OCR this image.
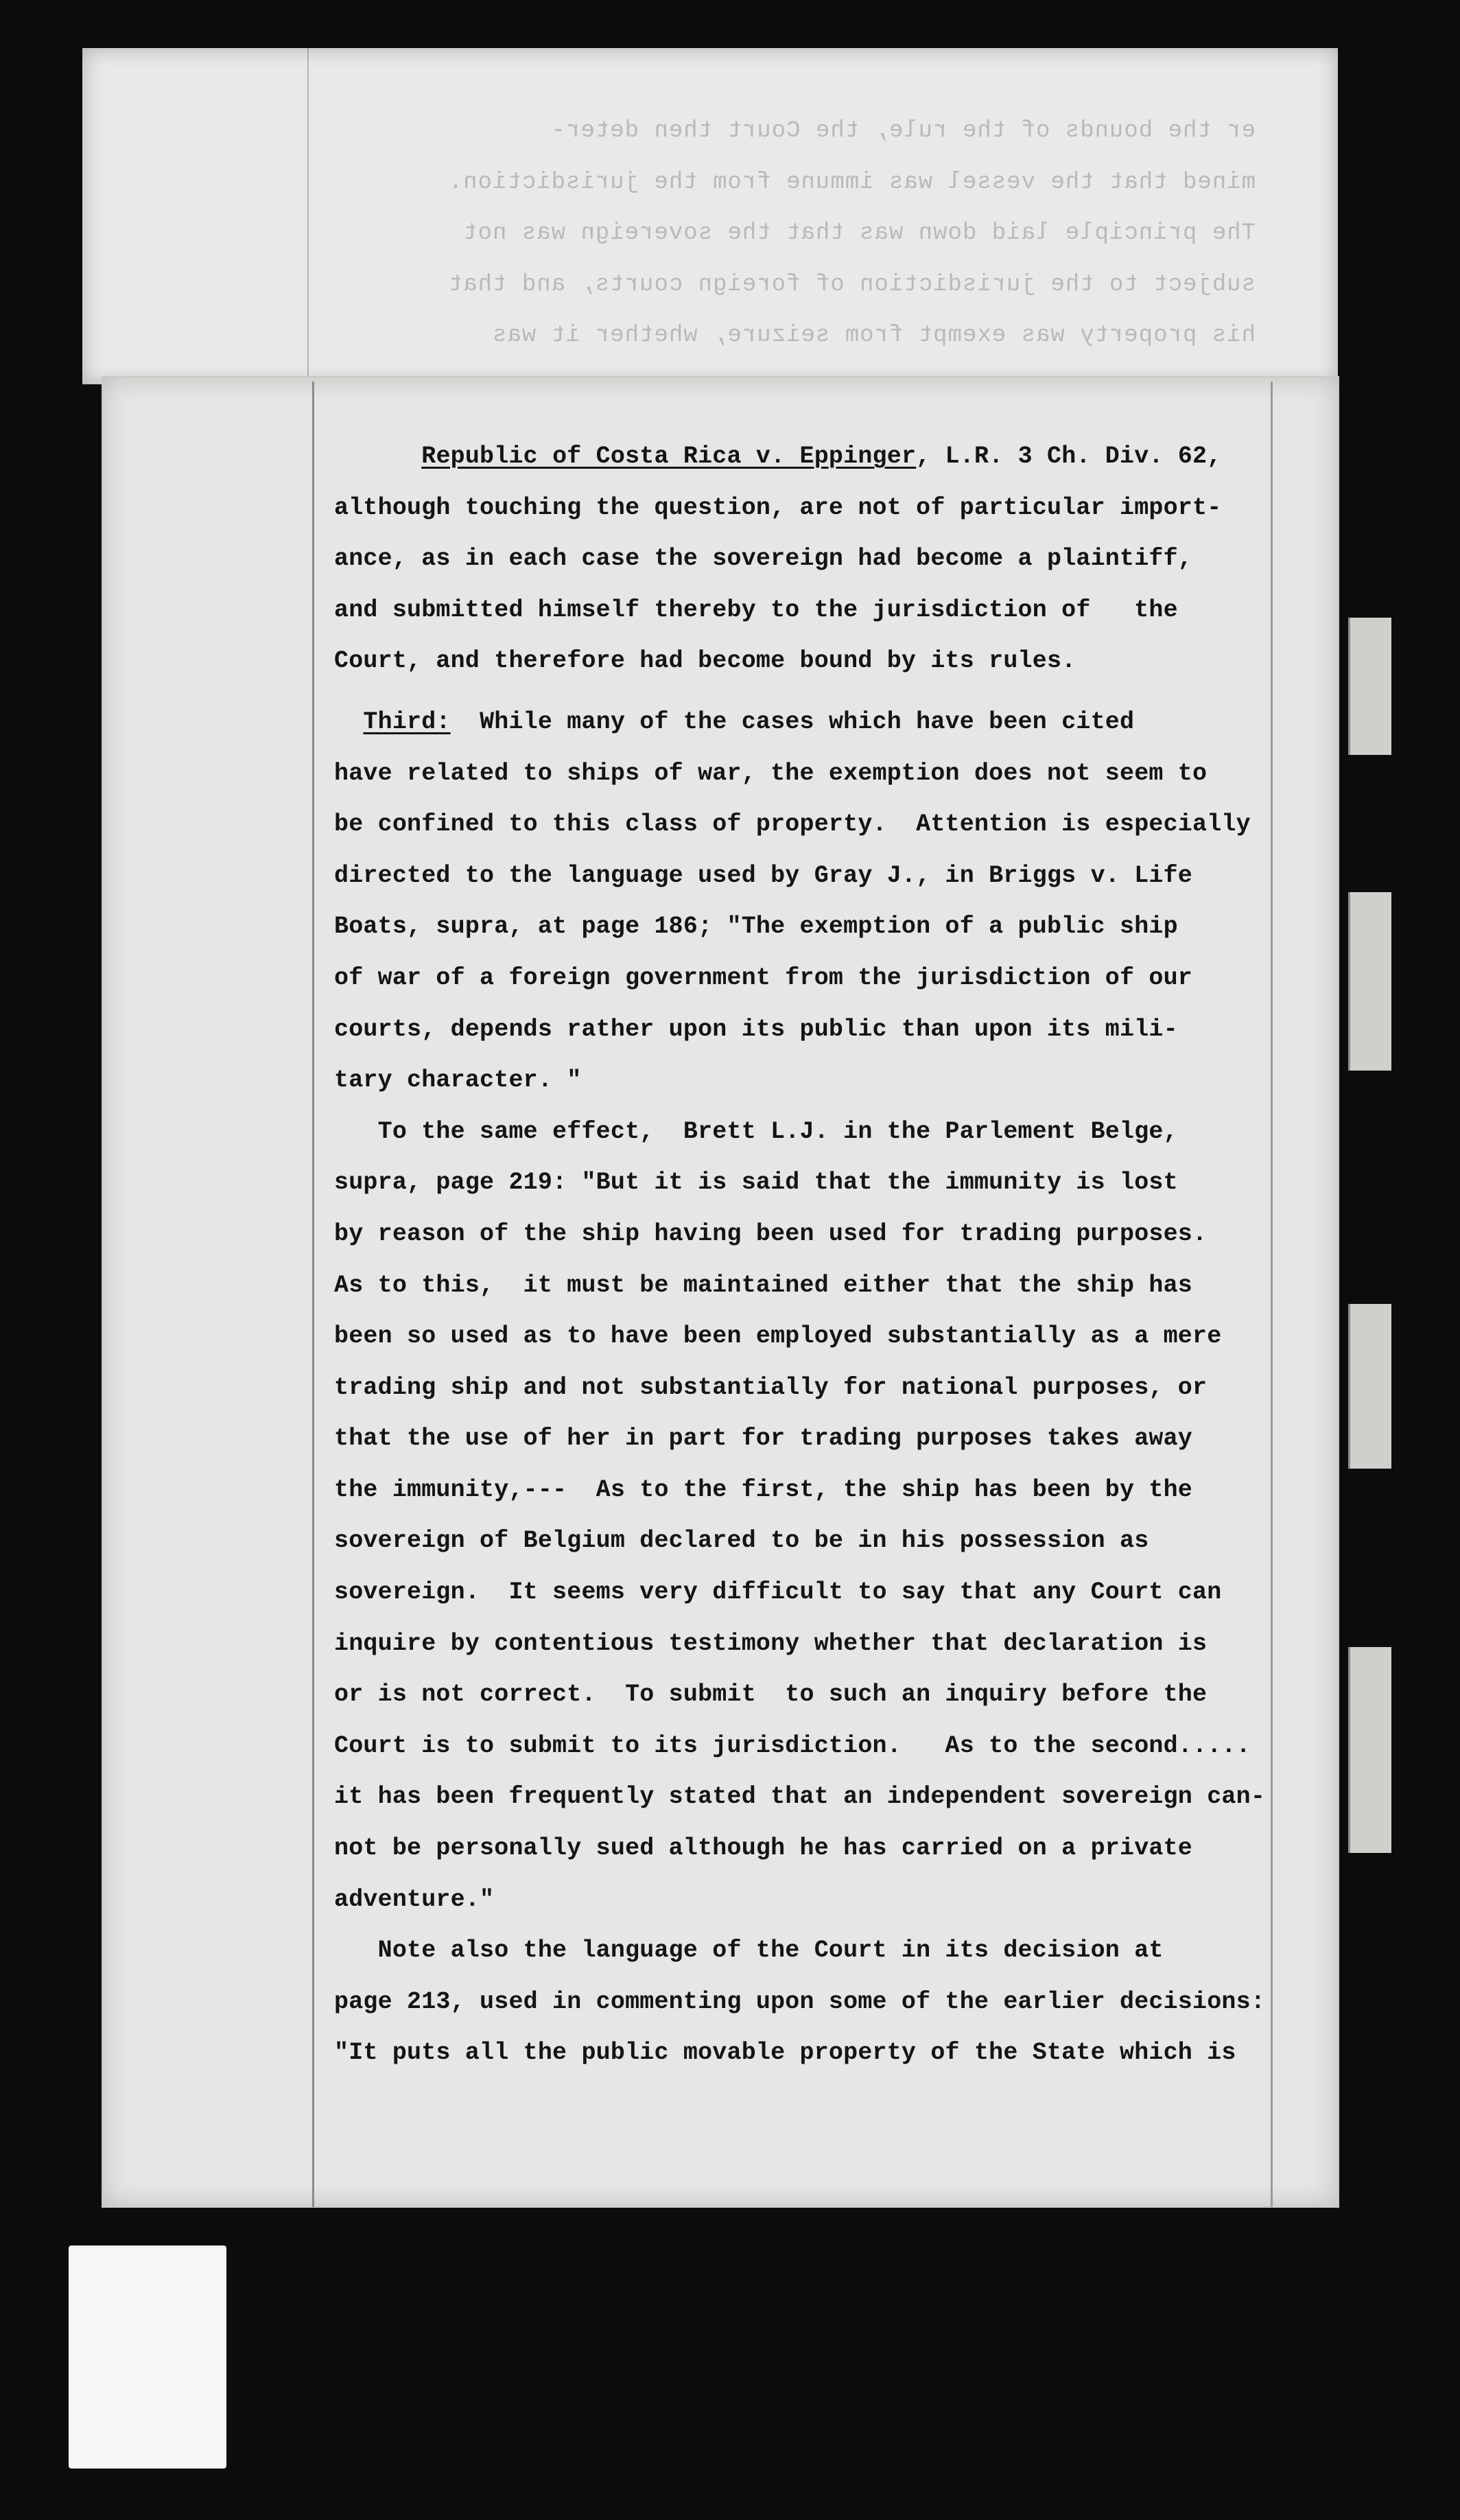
er the bounds of the rule, the Court then deter-
mined that the vessel was immune from the jurisdiction.
The principle laid down was that the sovereign was not
subject to the jurisdiction of foreign courts, and that
his property was exempt from seizure, whether it was

Republic of Costa Rica v. Eppinger, L.R. 3 Ch. Div. 62,
although touching the question, are not of particular import-
ance, as in each case the sovereign had become a plaintiff,
and submitted himself thereby to the jurisdiction of   the
Court, and therefore had become bound by its rules.
Third:  While many of the cases which have been cited
have related to ships of war, the exemption does not seem to
be confined to this class of property.  Attention is especially
directed to the language used by Gray J., in Briggs v. Life
Boats, supra, at page 186; "The exemption of a public ship
of war of a foreign government from the jurisdiction of our
courts, depends rather upon its public than upon its mili-
tary character. "
To the same effect,  Brett L.J. in the Parlement Belge,
supra, page 219: "But it is said that the immunity is lost
by reason of the ship having been used for trading purposes.
As to this,  it must be maintained either that the ship has
been so used as to have been employed substantially as a mere
trading ship and not substantially for national purposes, or
that the use of her in part for trading purposes takes away
the immunity,---  As to the first, the ship has been by the
sovereign of Belgium declared to be in his possession as
sovereign.  It seems very difficult to say that any Court can
inquire by contentious testimony whether that declaration is
or is not correct.  To submit  to such an inquiry before the
Court is to submit to its jurisdiction.   As to the second.....
it has been frequently stated that an independent sovereign can-
not be personally sued although he has carried on a private
adventure."
Note also the language of the Court in its decision at
page 213, used in commenting upon some of the earlier decisions:
"It puts all the public movable property of the State which is
